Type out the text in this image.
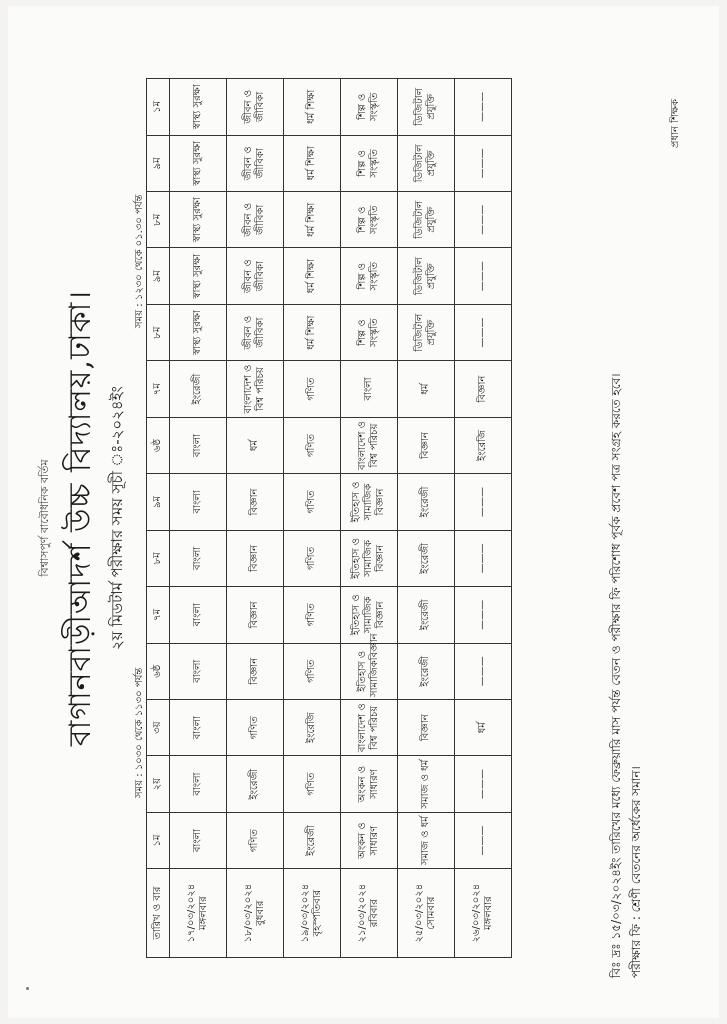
বিশ্বাসপুর্ণ বাবৌধনিক বর্তিম বাগানবাড়ীআদর্শ উচ্চ বিদ্যালয়,ঢাকা। ২য় মিডটার্ম পরীক্ষার সময় সূচী ঃ-২০২৪ইং
সময় : ১০৩০ থেকে ১১৩০ পর্যন্ত
সময় : ১২৩০ থেকে ০১.৩০ পর্যন্ত
তারিখ ও বার	১ম	২য়	৩য়	৬ষ্ঠ	৭ম	৮ম	৯ম	৬ষ্ঠ	৭ম	৮ম	৯ম	৮ম	৯ম	১ম

১৭/০৩/২০২৪ মঙ্গলবার	বাংলা	বাংলা	বাংলা	বাংলা	বাংলা	বাংলা	বাংলা	বাংলা	ইংরেজী	স্বাস্থ্য সুরক্ষা	স্বাস্থ্য সুরক্ষা	স্বাস্থ্য সুরক্ষা	স্বাস্থ্য সুরক্ষা	স্বাস্থ্য সুরক্ষা

১৮/০৩/২০২৪ বুধবার	গণিত	ইংরেজী	গণিত	বিজ্ঞান	বিজ্ঞান	বিজ্ঞান	বিজ্ঞান	ধর্ম	বাংলাদেশ ও বিশ্ব পরিচয়	জীবন ও জীবিকা	জীবন ও জীবিকা	জীবন ও জীবিকা	জীবন ও জীবিকা	জীবন ও জীবিকা

১৯/০৩/২০২৪ বৃহস্পতিবার	ইংরেজী	গণিত	ইংরেজি	গণিত	গণিত	গণিত	গণিত	গণিত	গণিত	ধর্ম শিক্ষা	ধর্ম শিক্ষা	ধর্ম শিক্ষা	ধর্ম শিক্ষা	ধর্ম শিক্ষা

২১/০৩/২০২৪ রবিবার	অংকন ও সাধারণ	অংকন ও সাধারণ	বাংলাদেশ ও বিশ্ব পরিচয়	ইতিহাস ও সামাজিকবিজ্ঞান	ইতিহাস ও সামাজিক বিজ্ঞান	ইতিহাস ও সামাজিক বিজ্ঞান	ইতিহাস ও সামাজিক বিজ্ঞান	বাংলাদেশ ও বিশ্ব পরিচয়	বাংলা	শিল্প ও সংস্কৃতি	শিল্প ও সংস্কৃতি	শিল্প ও সংস্কৃতি	শিল্প ও সংস্কৃতি	শিল্প ও সংস্কৃতি

২৫/০৩/২০২৪ সোমবার	সমাজ ও ধর্ম	সমাজ ও ধর্ম	বিজ্ঞান	ইংরেজী	ইংরেজী	ইংরেজী	ইংরেজী	বিজ্ঞান	ধর্ম	ডিজিটাল প্রযুক্তি	ডিজিটাল প্রযুক্তি	ডিজিটাল প্রযুক্তি	ডিজিটাল প্রযুক্তি	ডিজিটাল প্রযুক্তি

২৬/০৩/২০২৪ মঙ্গলবার	———	———	ধর্ম	———	———	———	———	ইংরেজি	বিজ্ঞান	———	———	———	———	———
বিঃ দ্রঃ ১৫/০৩/২০২৪ইং তারিখের মধ্যে ফেব্রুয়ারি মাস পর্যন্ত বেতন ও পরীক্ষার ফি পরিশোধ পূর্বক প্রবেশ পত্র সংগ্রহ করতে হবে। পরীক্ষার ফি : শ্রেণী বেতনের অর্ধেকের সমান।
প্রধান শিক্ষক
